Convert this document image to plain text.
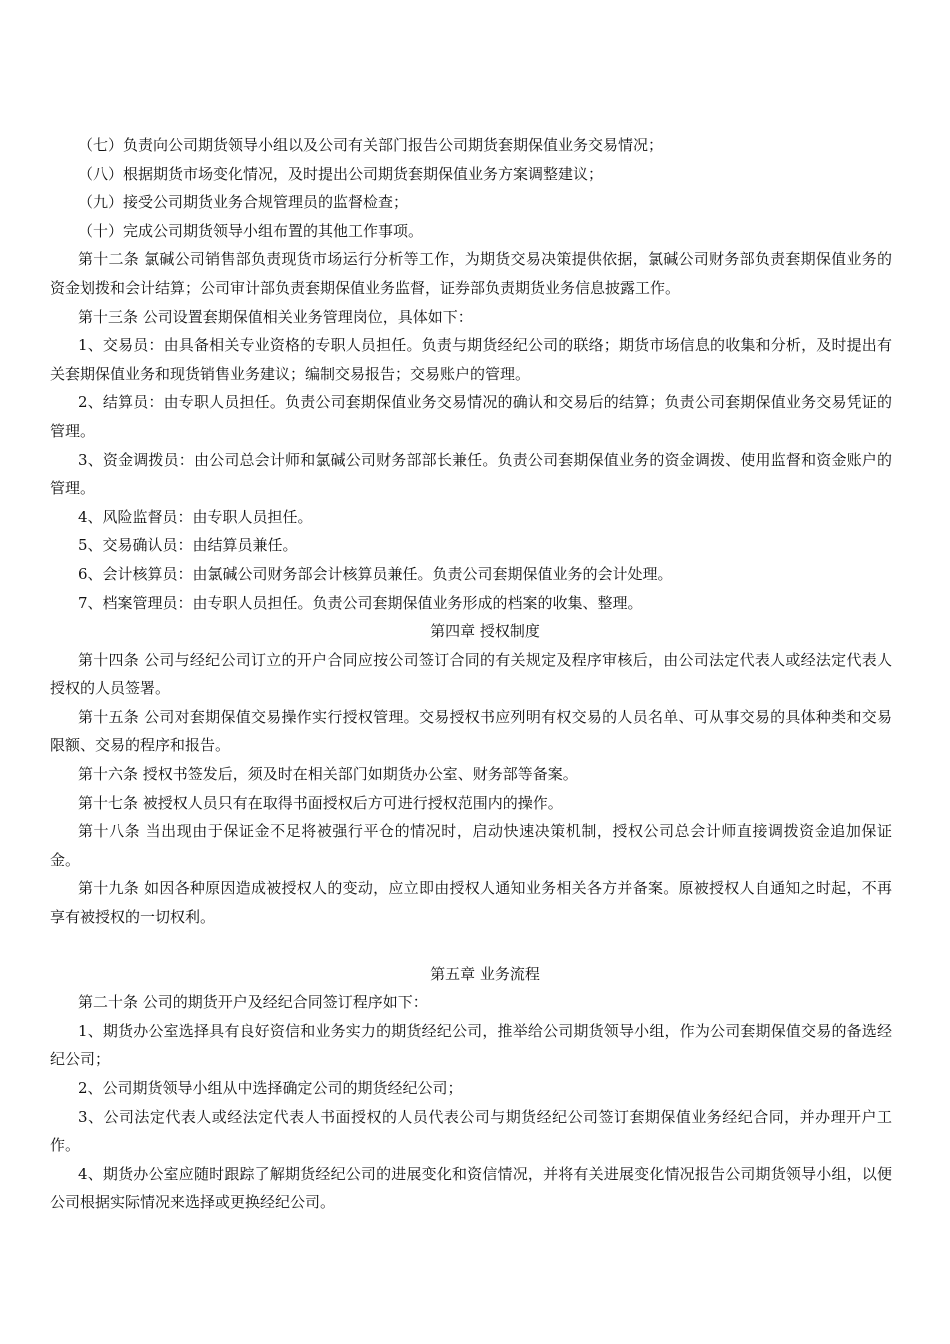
（七）负责向公司期货领导小组以及公司有关部门报告公司期货套期保值业务交易情况；

（八）根据期货市场变化情况，及时提出公司期货套期保值业务方案调整建议；

（九）接受公司期货业务合规管理员的监督检查；

（十）完成公司期货领导小组布置的其他工作事项。

第十二条 氯碱公司销售部负责现货市场运行分析等工作，为期货交易决策提供依据，氯碱公司财务部负责套期保值业务的资金划拨和会计结算；公司审计部负责套期保值业务监督，证券部负责期货业务信息披露工作。

第十三条 公司设置套期保值相关业务管理岗位，具体如下：

1、交易员：由具备相关专业资格的专职人员担任。负责与期货经纪公司的联络；期货市场信息的收集和分析，及时提出有关套期保值业务和现货销售业务建议；编制交易报告；交易账户的管理。

2、结算员：由专职人员担任。负责公司套期保值业务交易情况的确认和交易后的结算；负责公司套期保值业务交易凭证的管理。

3、资金调拨员：由公司总会计师和氯碱公司财务部部长兼任。负责公司套期保值业务的资金调拨、使用监督和资金账户的管理。

4、风险监督员：由专职人员担任。

5、交易确认员：由结算员兼任。

6、会计核算员：由氯碱公司财务部会计核算员兼任。负责公司套期保值业务的会计处理。

7、档案管理员：由专职人员担任。负责公司套期保值业务形成的档案的收集、整理。

第四章 授权制度

第十四条 公司与经纪公司订立的开户合同应按公司签订合同的有关规定及程序审核后，由公司法定代表人或经法定代表人授权的人员签署。

第十五条 公司对套期保值交易操作实行授权管理。交易授权书应列明有权交易的人员名单、可从事交易的具体种类和交易限额、交易的程序和报告。

第十六条 授权书签发后，须及时在相关部门如期货办公室、财务部等备案。

第十七条 被授权人员只有在取得书面授权后方可进行授权范围内的操作。

第十八条 当出现由于保证金不足将被强行平仓的情况时，启动快速决策机制，授权公司总会计师直接调拨资金追加保证金。

第十九条 如因各种原因造成被授权人的变动，应立即由授权人通知业务相关各方并备案。原被授权人自通知之时起，不再享有被授权的一切权利。

第五章 业务流程

第二十条 公司的期货开户及经纪合同签订程序如下：

1、期货办公室选择具有良好资信和业务实力的期货经纪公司，推举给公司期货领导小组，作为公司套期保值交易的备选经纪公司；

2、公司期货领导小组从中选择确定公司的期货经纪公司；

3、公司法定代表人或经法定代表人书面授权的人员代表公司与期货经纪公司签订套期保值业务经纪合同，并办理开户工作。

4、期货办公室应随时跟踪了解期货经纪公司的进展变化和资信情况，并将有关进展变化情况报告公司期货领导小组，以便公司根据实际情况来选择或更换经纪公司。
